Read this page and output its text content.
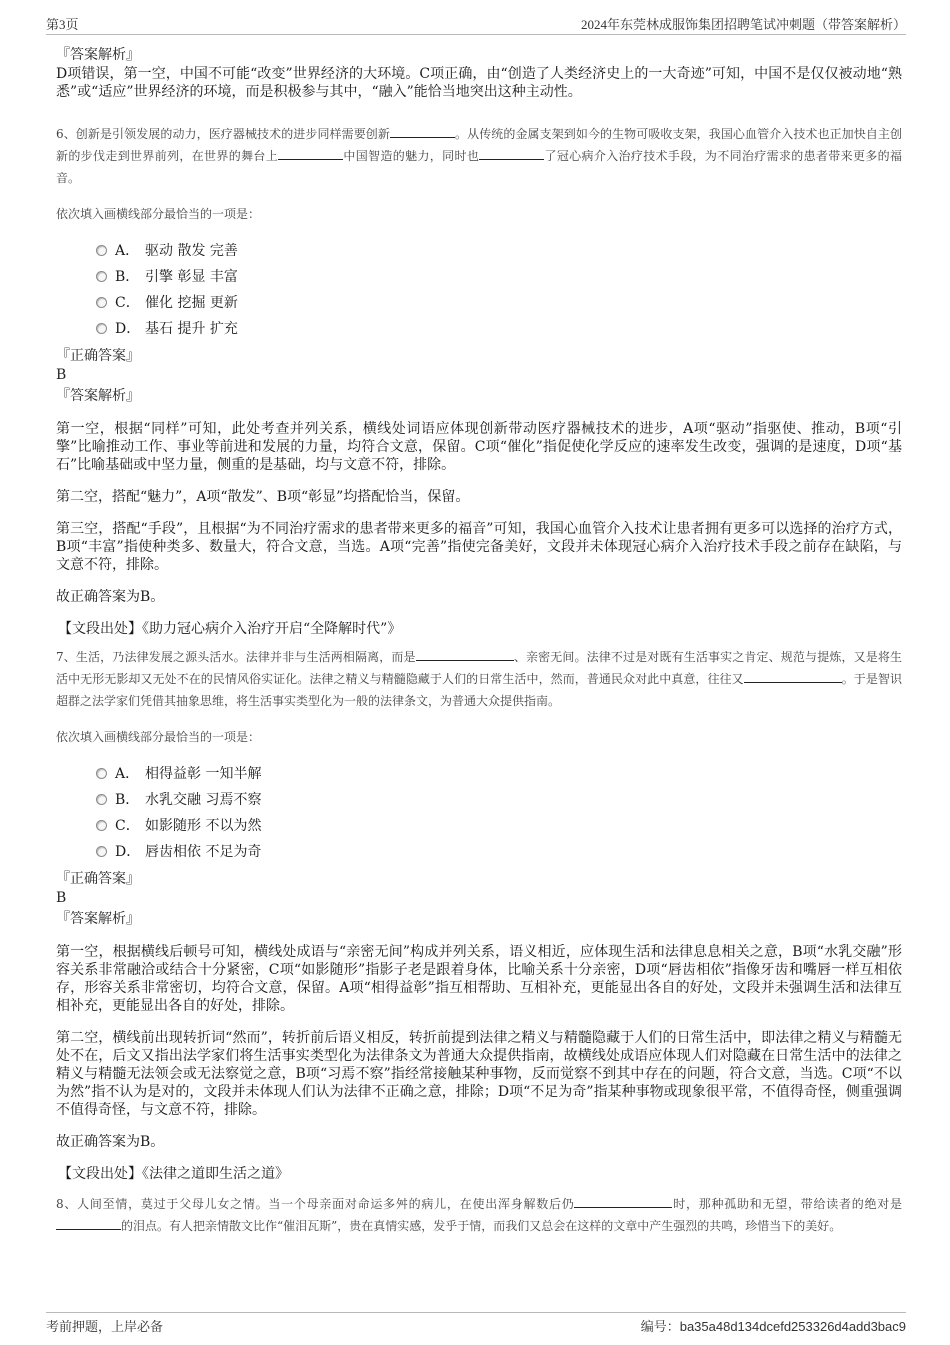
第3页	2024年东莞林成服饰集团招聘笔试冲刺题（带答案解析）

『答案解析』

D项错误，第一空，中国不可能“改变”世界经济的大环境。C项正确，由“创造了人类经济史上的一大奇迹”可知，中国不是仅仅被动地“熟悉”或“适应”世界经济的环境，而是积极参与其中，“融入”能恰当地突出这种主动性。

6、创新是引领发展的动力，医疗器械技术的进步同样需要创新	。从传统的金属支架到如今的生物可吸收支架，我国心血管介入技术也正加快自主创新的步伐走到世界前列，在世界的舞台上	中国智造的魅力，同时也	了冠心病介入治疗技术手段，为不同治疗需求的患者带来更多的福音。

依次填入画横线部分最恰当的一项是：

A． 驱动 散发 完善
B． 引擎 彰显 丰富
C． 催化 挖掘 更新
D． 基石 提升 扩充

『正确答案』

B

『答案解析』

第一空，根据“同样”可知，此处考查并列关系，横线处词语应体现创新带动医疗器械技术的进步，A项“驱动”指驱使、推动，B项“引擎”比喻推动工作、事业等前进和发展的力量，均符合文意，保留。C项“催化”指促使化学反应的速率发生改变，强调的是速度，D项“基石”比喻基础或中坚力量，侧重的是基础，均与文意不符，排除。

第二空，搭配“魅力”，A项“散发”、B项“彰显”均搭配恰当，保留。

第三空，搭配“手段”，且根据“为不同治疗需求的患者带来更多的福音”可知，我国心血管介入技术让患者拥有更多可以选择的治疗方式，B项“丰富”指使种类多、数量大，符合文意，当选。A项“完善”指使完备美好，文段并未体现冠心病介入治疗技术手段之前存在缺陷，与文意不符，排除。

故正确答案为B。

【文段出处】《助力冠心病介入治疗开启“全降解时代”》

7、生活，乃法律发展之源头活水。法律并非与生活两相隔离，而是	、亲密无间。法律不过是对既有生活事实之肯定、规范与提炼，又是将生活中无形无影却又无处不在的民情风俗实证化。法律之精义与精髓隐藏于人们的日常生活中，然而，普通民众对此中真意，往往又	。于是智识超群之法学家们凭借其抽象思维，将生活事实类型化为一般的法律条文，为普通大众提供指南。

依次填入画横线部分最恰当的一项是：

A． 相得益彰 一知半解
B． 水乳交融 习焉不察
C． 如影随形 不以为然
D． 唇齿相依 不足为奇

『正确答案』

B

『答案解析』

第一空，根据横线后顿号可知，横线处成语与“亲密无间”构成并列关系，语义相近，应体现生活和法律息息相关之意，B项“水乳交融”形容关系非常融洽或结合十分紧密，C项“如影随形”指影子老是跟着身体，比喻关系十分亲密，D项“唇齿相依”指像牙齿和嘴唇一样互相依存，形容关系非常密切，均符合文意，保留。A项“相得益彰”指互相帮助、互相补充，更能显出各自的好处，文段并未强调生活和法律互相补充，更能显出各自的好处，排除。

第二空，横线前出现转折词“然而”，转折前后语义相反，转折前提到法律之精义与精髓隐藏于人们的日常生活中，即法律之精义与精髓无处不在，后文又指出法学家们将生活事实类型化为法律条文为普通大众提供指南，故横线处成语应体现人们对隐藏在日常生活中的法律之精义与精髓无法领会或无法察觉之意，B项“习焉不察”指经常接触某种事物，反而觉察不到其中存在的问题，符合文意，当选。C项“不以为然”指不认为是对的，文段并未体现人们认为法律不正确之意，排除；D项“不足为奇”指某种事物或现象很平常，不值得奇怪，侧重强调不值得奇怪，与文意不符，排除。

故正确答案为B。

【文段出处】《法律之道即生活之道》

8、人间至情，莫过于父母儿女之情。当一个母亲面对命运多舛的病儿，在使出浑身解数后仍	时，那种孤助和无望，带给读者的绝对是的泪点。有人把亲情散文比作“催泪瓦斯”，贵在真情实感，发乎于情，而我们又总会在这样的文章中产生强烈的共鸣，珍惜当下的美好。

考前押题，上岸必备	编号：ba35a48d134dcefd253326d4add3bac9
